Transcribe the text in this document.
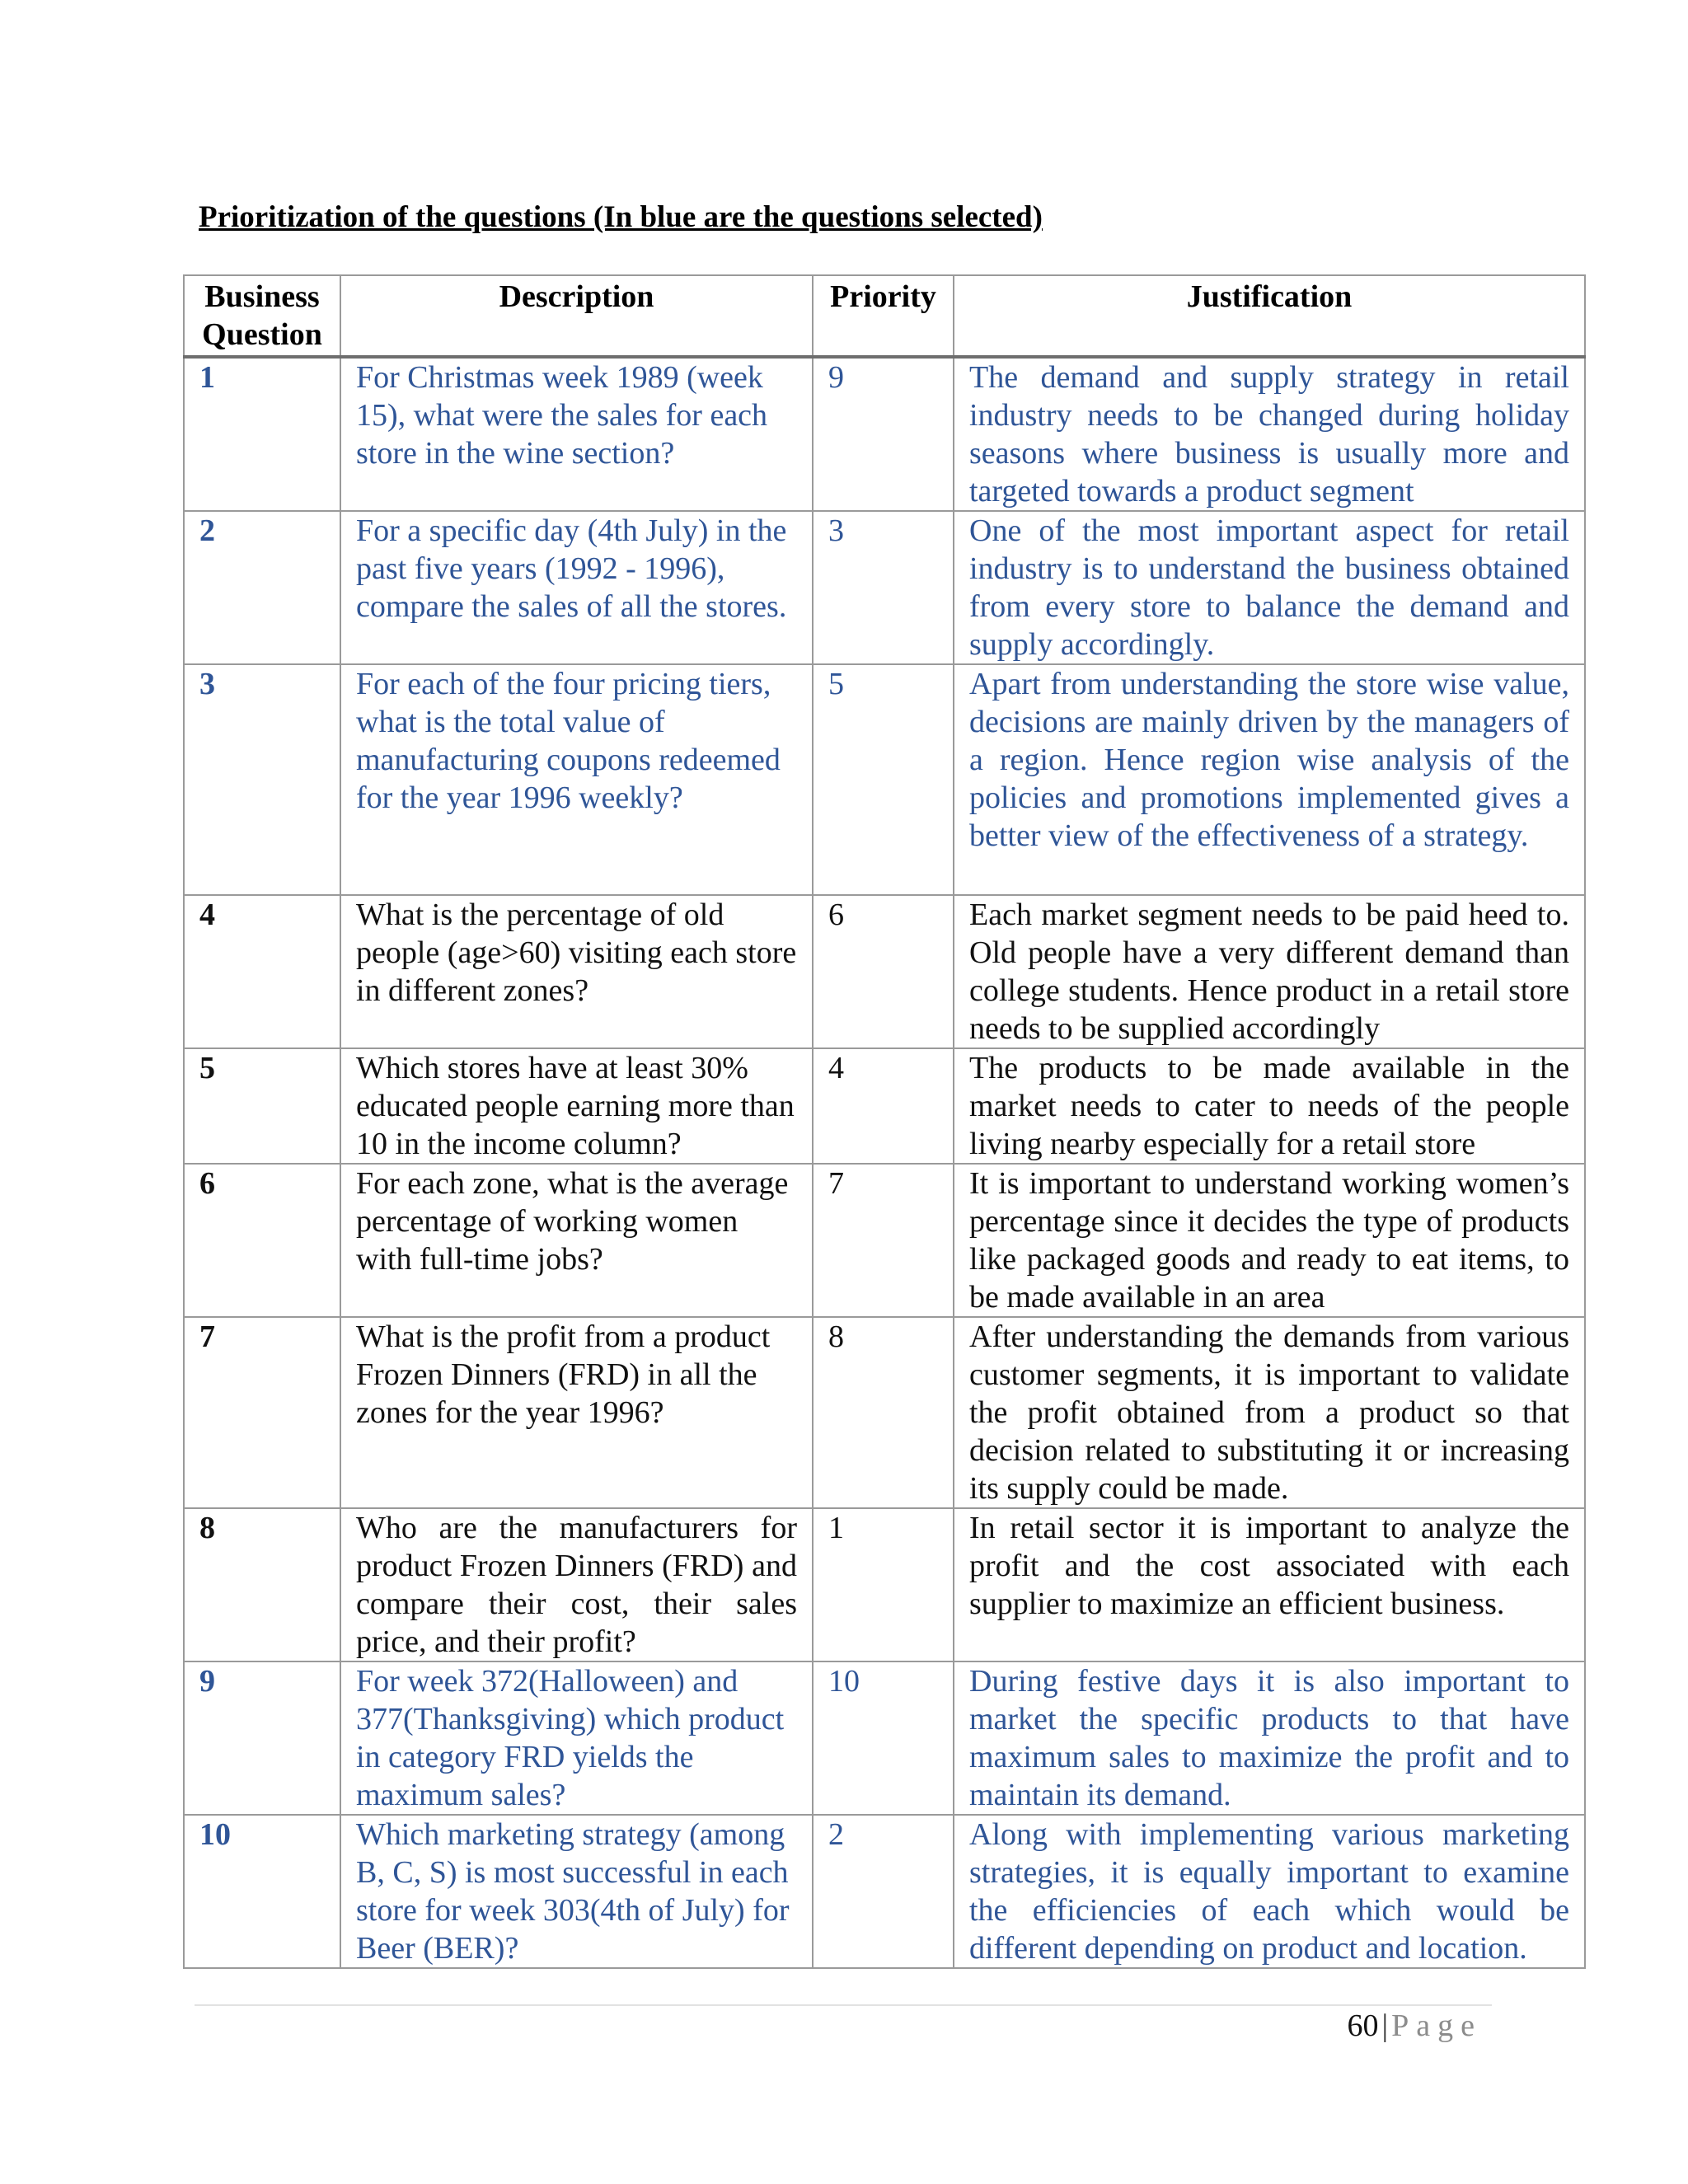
Prioritization of the questions (In blue are the questions selected)
Business
Question	Description	Priority	Justification
1	For Christmas week 1989 (week 15), what were the sales for each store in the wine section?	9	The demand and supply strategy in retail industry needs to be changed during holiday seasons where business is usually more and targeted towards a product segment
2	For a specific day (4th July) in the past five years (1992 - 1996), compare the sales of all the stores.	3	One of the most important aspect for retail industry is to understand the business obtained from every store to balance the demand and supply accordingly.
3	For each of the four pricing tiers, what is the total value of manufacturing coupons redeemed for the year 1996 weekly?	5	Apart from understanding the store wise value, decisions are mainly driven by the managers of a region. Hence region wise analysis of the policies and promotions implemented gives a better view of the effectiveness of a strategy.
4	What is the percentage of old people (age>60) visiting each store in different zones?	6	Each market segment needs to be paid heed to. Old people have a very different demand than college students. Hence product in a retail store needs to be supplied accordingly
5	Which stores have at least 30% educated people earning more than 10 in the income column?	4	The products to be made available in the market needs to cater to needs of the people living nearby especially for a retail store
6	For each zone, what is the average percentage of working women with full-time jobs?	7	It is important to understand working women’s percentage since it decides the type of products like packaged goods and ready to eat items, to be made available in an area
7	What is the profit from a product Frozen Dinners (FRD) in all the zones for the year 1996?	8	After understanding the demands from various customer segments, it is important to validate the profit obtained from a product so that decision related to substituting it or increasing its supply could be made.
8	Who are the manufacturers for product Frozen Dinners (FRD) and compare their cost, their sales price, and their profit?	1	In retail sector it is important to analyze the profit and the cost associated with each supplier to maximize an efficient business.
9	For week 372(Halloween) and 377(Thanksgiving) which product in category FRD yields the maximum sales?	10	During festive days it is also important to market the specific products to that have maximum sales to maximize the profit and to maintain its demand.
10	Which marketing strategy (among B, C, S) is most successful in each store for week 303(4th of July) for Beer (BER)?	2	Along with implementing various marketing strategies, it is equally important to examine the efficiencies of each which would be different depending on product and location.
60 | Page
